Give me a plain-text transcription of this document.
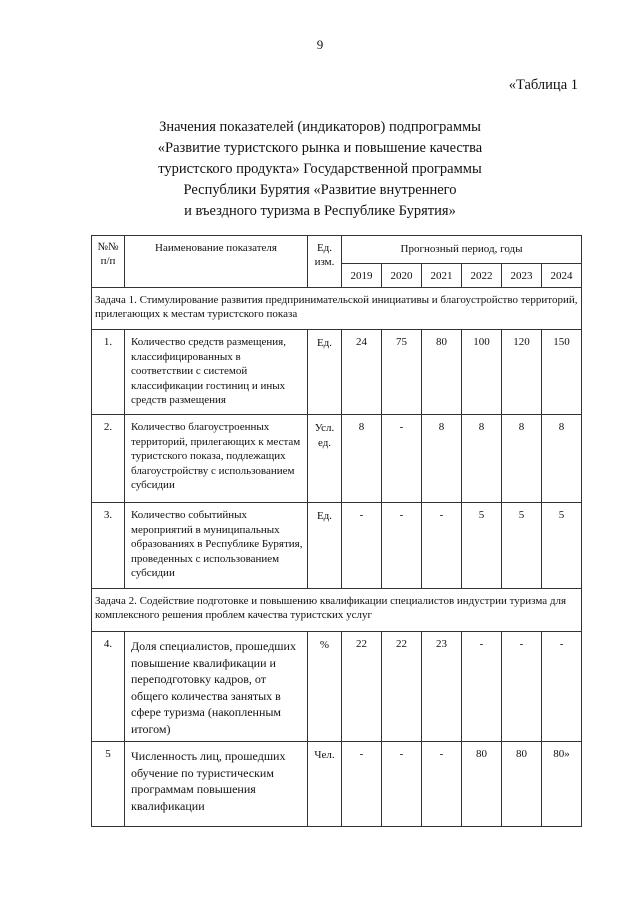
9
«Таблица 1
Значения показателей (индикаторов) подпрограммы
«Развитие туристского рынка и повышение качества
туристского продукта» Государственной программы
Республики Бурятия «Развитие внутреннего
и въездного туризма в Республике Бурятия»
№№ п/п	Наименование показателя	Ед. изм.	Прогнозный период, годы					
			2019	2020	2021	2022	2023	2024
Задача 1. Стимулирование развития предпринимательской инициативы и благоустройство территорий, прилегающих к местам туристского показа								
1.	Количество средств размещения, классифицированных в соответствии с системой классификации гостиниц и иных средств размещения	Ед.	24	75	80	100	120	150
2.	Количество благоустроенных территорий, прилегающих к местам туристского показа, подлежащих благоустройству с использованием субсидии	Усл. ед.	8	-	8	8	8	8
3.	Количество событийных мероприятий в муниципальных образованиях в Республике Бурятия, проведенных с использованием субсидии	Ед.	-	-	-	5	5	5
Задача 2. Содействие подготовке и повышению квалификации специалистов индустрии туризма для комплексного решения проблем качества туристских услуг								
4.	Доля специалистов, прошедших повышение квалификации и переподготовку кадров, от общего количества занятых в сфере туризма (накопленным итогом)	%	22	22	23	-	-	-
5	Численность лиц, прошедших обучение по туристическим программам повышения квалификации	Чел.	-	-	-	80	80	80»
